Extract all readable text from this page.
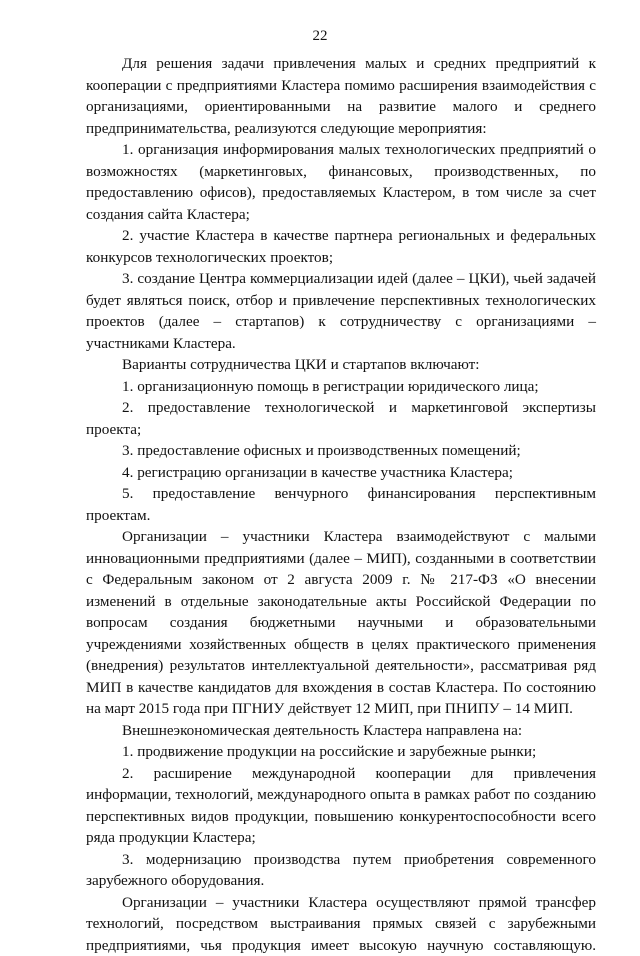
22

Для решения задачи привлечения малых и средних предприятий к кооперации с предприятиями Кластера помимо расширения взаимодействия с организациями, ориентированными на развитие малого и среднего предпринимательства, реализуются следующие мероприятия:

1. организация информирования малых технологических предприятий о возможностях (маркетинговых, финансовых, производственных, по предоставлению офисов), предоставляемых Кластером, в том числе за счет создания сайта Кластера;

2. участие Кластера в качестве партнера региональных и федеральных конкурсов технологических проектов;

3. создание Центра коммерциализации идей (далее – ЦКИ), чьей задачей будет являться поиск, отбор и привлечение перспективных технологических проектов (далее – стартапов) к сотрудничеству с организациями – участниками Кластера.

Варианты сотрудничества ЦКИ и стартапов включают:

1. организационную помощь в регистрации юридического лица;

2. предоставление технологической и маркетинговой экспертизы проекта;

3. предоставление офисных и производственных помещений;

4. регистрацию организации в качестве участника Кластера;

5. предоставление венчурного финансирования перспективным проектам.

Организации – участники Кластера взаимодействуют с малыми инновационными предприятиями (далее – МИП), созданными в соответствии с Федеральным законом от 2 августа 2009 г. № 217-ФЗ «О внесении изменений в отдельные законодательные акты Российской Федерации по вопросам создания бюджетными научными и образовательными учреждениями хозяйственных обществ в целях практического применения (внедрения) результатов интеллектуальной деятельности», рассматривая ряд МИП в качестве кандидатов для вхождения в состав Кластера. По состоянию на март 2015 года при ПГНИУ действует 12 МИП, при ПНИПУ – 14 МИП.

Внешнеэкономическая деятельность Кластера направлена на:

1. продвижение продукции на российские и зарубежные рынки;

2. расширение международной кооперации для привлечения информации, технологий, международного опыта в рамках работ по созданию перспективных видов продукции, повышению конкурентоспособности всего ряда продукции Кластера;

3. модернизацию производства путем приобретения современного зарубежного оборудования.

Организации – участники Кластера осуществляют прямой трансфер технологий, посредством выстраивания прямых связей с зарубежными предприятиями, чья продукция имеет высокую научную составляющую.
